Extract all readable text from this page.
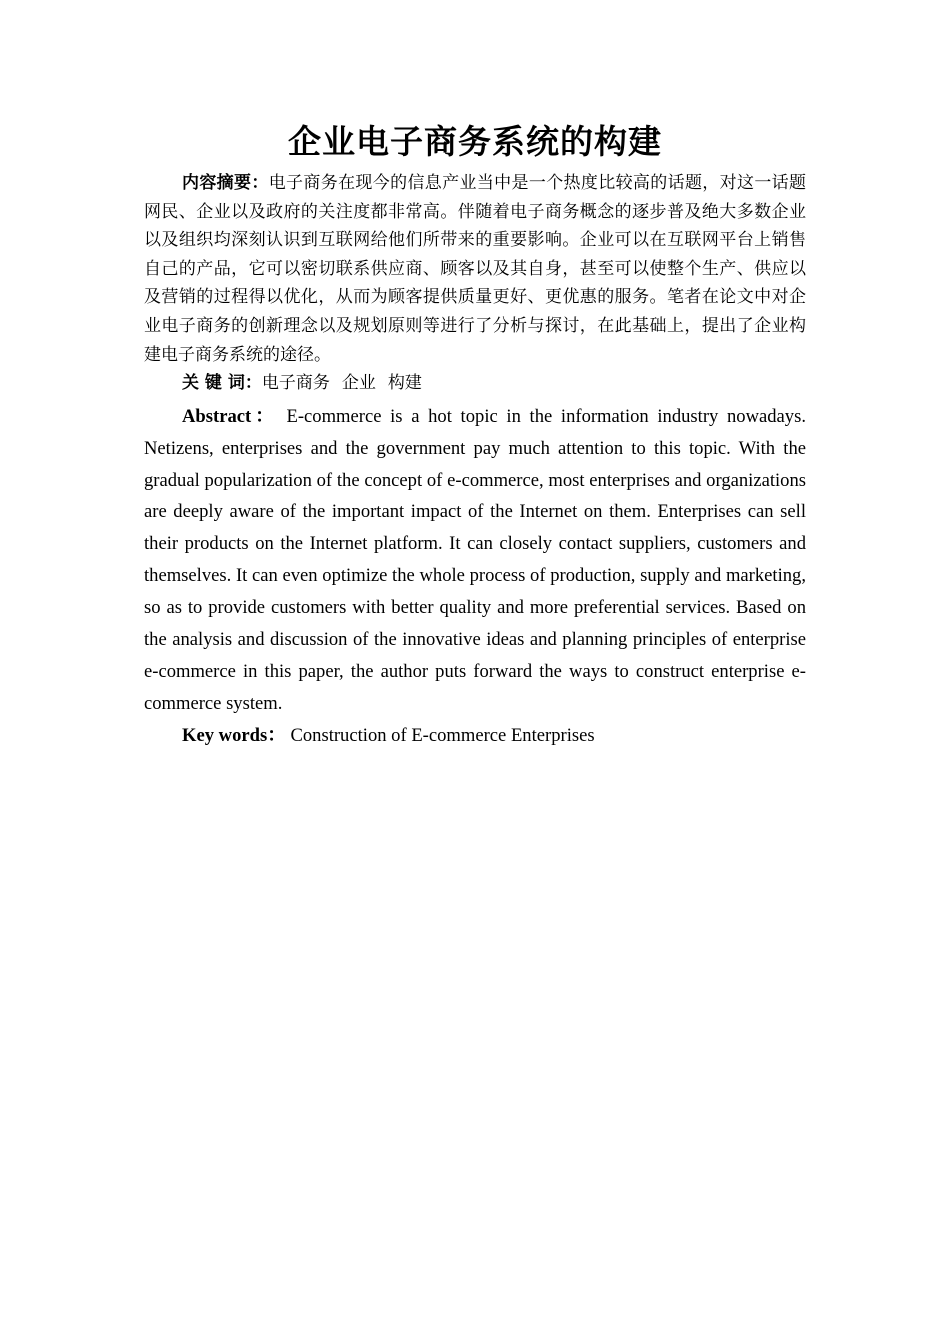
企业电子商务系统的构建

内容摘要：电子商务在现今的信息产业当中是一个热度比较高的话题，对这一话题网民、企业以及政府的关注度都非常高。伴随着电子商务概念的逐步普及绝大多数企业以及组织均深刻认识到互联网给他们所带来的重要影响。企业可以在互联网平台上销售自己的产品，它可以密切联系供应商、顾客以及其自身，甚至可以使整个生产、供应以及营销的过程得以优化，从而为顾客提供质量更好、更优惠的服务。笔者在论文中对企业电子商务的创新理念以及规划原则等进行了分析与探讨，在此基础上，提出了企业构建电子商务系统的途径。

关 键 词：电子商务 企业 构建

Abstract： E-commerce is a hot topic in the information industry nowadays. Netizens, enterprises and the government pay much attention to this topic. With the gradual popularization of the concept of e-commerce, most enterprises and organizations are deeply aware of the important impact of the Internet on them. Enterprises can sell their products on the Internet platform. It can closely contact suppliers, customers and themselves. It can even optimize the whole process of production, supply and marketing, so as to provide customers with better quality and more preferential services. Based on the analysis and discussion of the innovative ideas and planning principles of enterprise e-commerce in this paper, the author puts forward the ways to construct enterprise e-commerce system.

Key words： Construction of E-commerce Enterprises
